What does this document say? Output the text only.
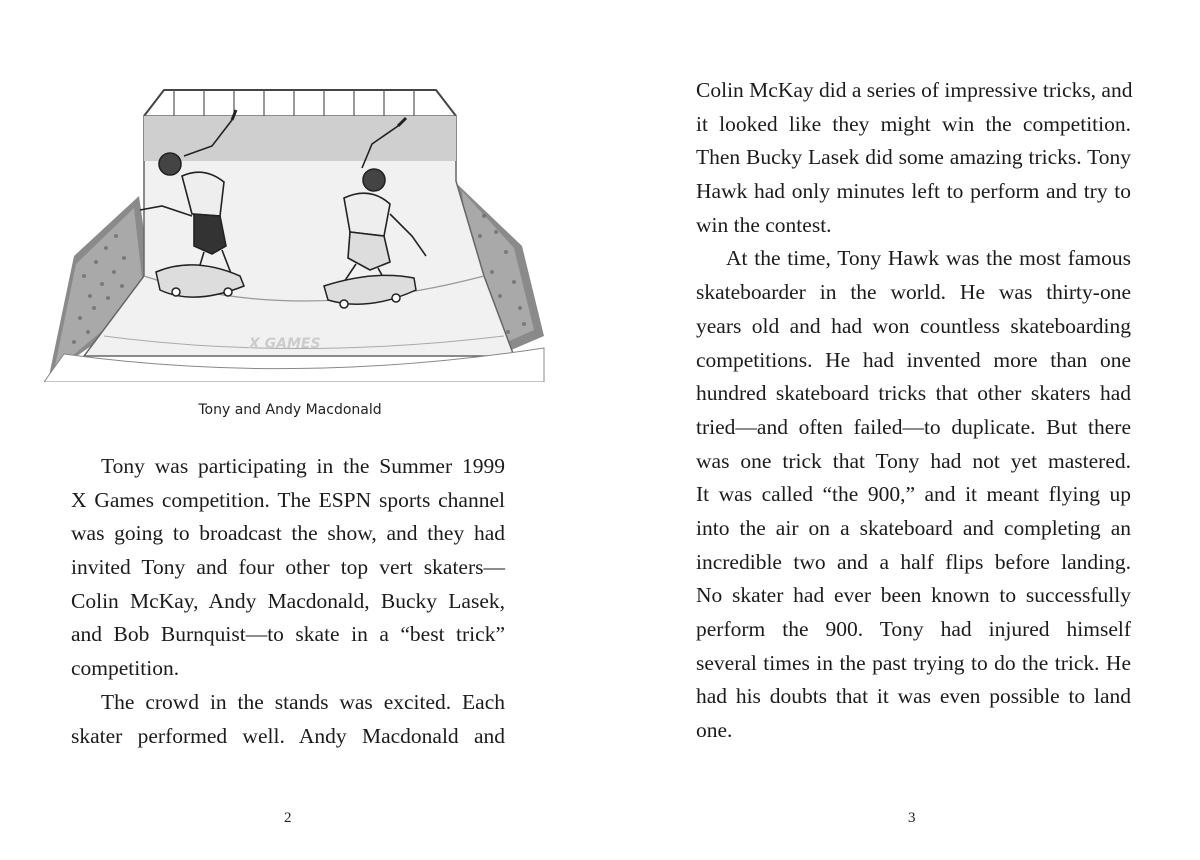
X GAMES
Tony and Andy Macdonald
Tony was participating in the Summer 1999
X Games competition. The ESPN sports channel
was going to broadcast the show, and they had
invited Tony and four other top vert skaters—
Colin McKay, Andy Macdonald, Bucky Lasek,
and Bob Burnquist—to skate in a “best trick”
competition.
The crowd in the stands was excited. Each
skater performed well. Andy Macdonald and
2
Colin McKay did a series of impressive tricks, and
it looked like they might win the competition.
Then Bucky Lasek did some amazing tricks. Tony
Hawk had only minutes left to perform and try to
win the contest.
At the time, Tony Hawk was the most famous
skateboarder in the world. He was thirty-one
years old and had won countless skateboarding
competitions. He had invented more than one
hundred skateboard tricks that other skaters had
tried—and often failed—to duplicate. But there
was one trick that Tony had not yet mastered.
It was called “the 900,” and it meant flying up
into the air on a skateboard and completing an
incredible two and a half flips before landing.
No skater had ever been known to successfully
perform the 900. Tony had injured himself
several times in the past trying to do the trick. He
had his doubts that it was even possible to land
one.
3
